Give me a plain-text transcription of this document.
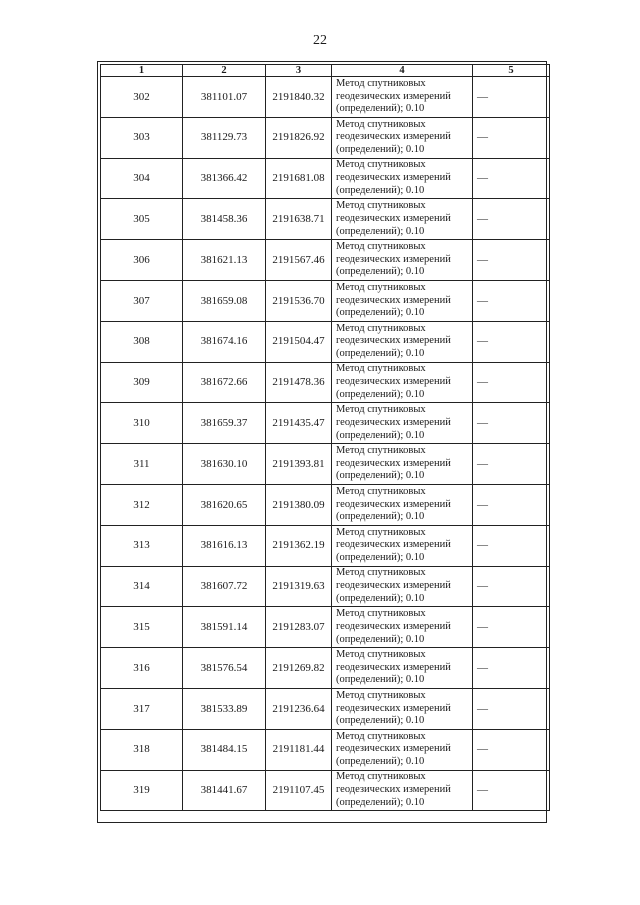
22
1	2	3	4	5
302	381101.07	2191840.32	Метод спутниковых
геодезических измерений
(определений); 0.10	—
303	381129.73	2191826.92	Метод спутниковых
геодезических измерений
(определений); 0.10	—
304	381366.42	2191681.08	Метод спутниковых
геодезических измерений
(определений); 0.10	—
305	381458.36	2191638.71	Метод спутниковых
геодезических измерений
(определений); 0.10	—
306	381621.13	2191567.46	Метод спутниковых
геодезических измерений
(определений); 0.10	—
307	381659.08	2191536.70	Метод спутниковых
геодезических измерений
(определений); 0.10	—
308	381674.16	2191504.47	Метод спутниковых
геодезических измерений
(определений); 0.10	—
309	381672.66	2191478.36	Метод спутниковых
геодезических измерений
(определений); 0.10	—
310	381659.37	2191435.47	Метод спутниковых
геодезических измерений
(определений); 0.10	—
311	381630.10	2191393.81	Метод спутниковых
геодезических измерений
(определений); 0.10	—
312	381620.65	2191380.09	Метод спутниковых
геодезических измерений
(определений); 0.10	—
313	381616.13	2191362.19	Метод спутниковых
геодезических измерений
(определений); 0.10	—
314	381607.72	2191319.63	Метод спутниковых
геодезических измерений
(определений); 0.10	—
315	381591.14	2191283.07	Метод спутниковых
геодезических измерений
(определений); 0.10	—
316	381576.54	2191269.82	Метод спутниковых
геодезических измерений
(определений); 0.10	—
317	381533.89	2191236.64	Метод спутниковых
геодезических измерений
(определений); 0.10	—
318	381484.15	2191181.44	Метод спутниковых
геодезических измерений
(определений); 0.10	—
319	381441.67	2191107.45	Метод спутниковых
геодезических измерений
(определений); 0.10	—
